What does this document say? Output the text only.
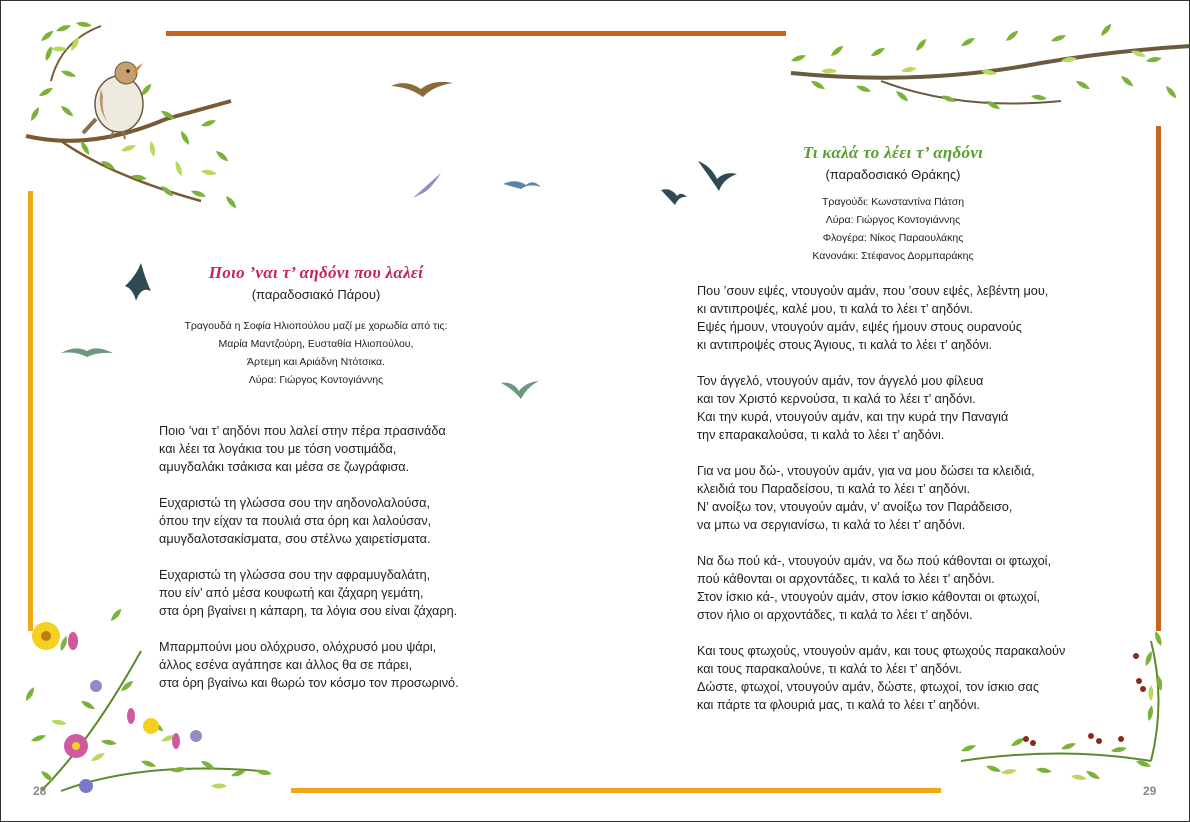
Ποιο ’ναι τ’ αηδόνι που λαλεί
(παραδοσιακό Πάρου)
Τραγουδά η Σοφία Ηλιοπούλου μαζί με χορωδία από τις:
Μαρία Μαντζούρη, Ευσταθία Ηλιοπούλου,
Άρτεμη και Αριάδνη Ντότσικα.
Λύρα: Γιώργος Κοντογιάννης
Ποιο ’ναι τ’ αηδόνι που λαλεί στην πέρα πρασινάδα
και λέει τα λογάκια του με τόση νοστιμάδα,
αμυγδαλάκι τσάκισα και μέσα σε ζωγράφισα.
Ευχαριστώ τη γλώσσα σου την αηδονολαλούσα,
όπου την είχαν τα πουλιά στα όρη και λαλούσαν,
αμυγδαλοτσακίσματα, σου στέλνω χαιρετίσματα.
Ευχαριστώ τη γλώσσα σου την αφραμυγδαλάτη,
που είν’ από μέσα κουφωτή και ζάχαρη γεμάτη,
στα όρη βγαίνει η κάπαρη, τα λόγια σου είναι ζάχαρη.
Μπαρμπούνι μου ολόχρυσο, ολόχρυσό μου ψάρι,
άλλος εσένα αγάπησε και άλλος θα σε πάρει,
στα όρη βγαίνω και θωρώ τον κόσμο τον προσωρινό.
Τι καλά το λέει τ’ αηδόνι
(παραδοσιακό Θράκης)
Τραγούδι: Κωνσταντίνα Πάτση
Λύρα: Γιώργος Κοντογιάννης
Φλογέρα: Νίκος Παραουλάκης
Κανονάκι: Στέφανος Δορμπαράκης
Που ’σουν εψές, ντουγούν αμάν, που ’σουν εψές, λεβέντη μου,
κι αντιπροψές, καλέ μου, τι καλά το λέει τ’ αηδόνι.
Εψές ήμουν, ντουγούν αμάν, εψές ήμουν στους ουρανούς
κι αντιπροψές στους Άγιους, τι καλά το λέει τ’ αηδόνι.
Τον άγγελό, ντουγούν αμάν, τον άγγελό μου φίλευα
και τον Χριστό κερνούσα, τι καλά το λέει τ’ αηδόνι.
Και την κυρά, ντουγούν αμάν, και την κυρά την Παναγιά
την επαρακαλούσα, τι καλά το λέει τ’ αηδόνι.
Για να μου δώ-, ντουγούν αμάν, για να μου δώσει τα κλειδιά,
κλειδιά του Παραδείσου, τι καλά το λέει τ’ αηδόνι.
Ν’ ανοίξω τον, ντουγούν αμάν, ν’ ανοίξω τον Παράδεισο,
να μπω να σεργιανίσω, τι καλά το λέει τ’ αηδόνι.
Να δω πού κά-, ντουγούν αμάν, να δω πού κάθονται οι φτωχοί,
πού κάθονται οι αρχοντάδες, τι καλά το λέει τ’ αηδόνι.
Στον ίσκιο κά-, ντουγούν αμάν, στον ίσκιο κάθονται οι φτωχοί,
στον ήλιο οι αρχοντάδες, τι καλά το λέει τ’ αηδόνι.
Και τους φτωχούς, ντουγούν αμάν, και τους φτωχούς παρακαλούν
και τους παρακαλούνε, τι καλά το λέει τ’ αηδόνι.
Δώστε, φτωχοί, ντουγούν αμάν, δώστε, φτωχοί, τον ίσκιο σας
και πάρτε τα φλουριά μας, τι καλά το λέει τ’ αηδόνι.
28	29
